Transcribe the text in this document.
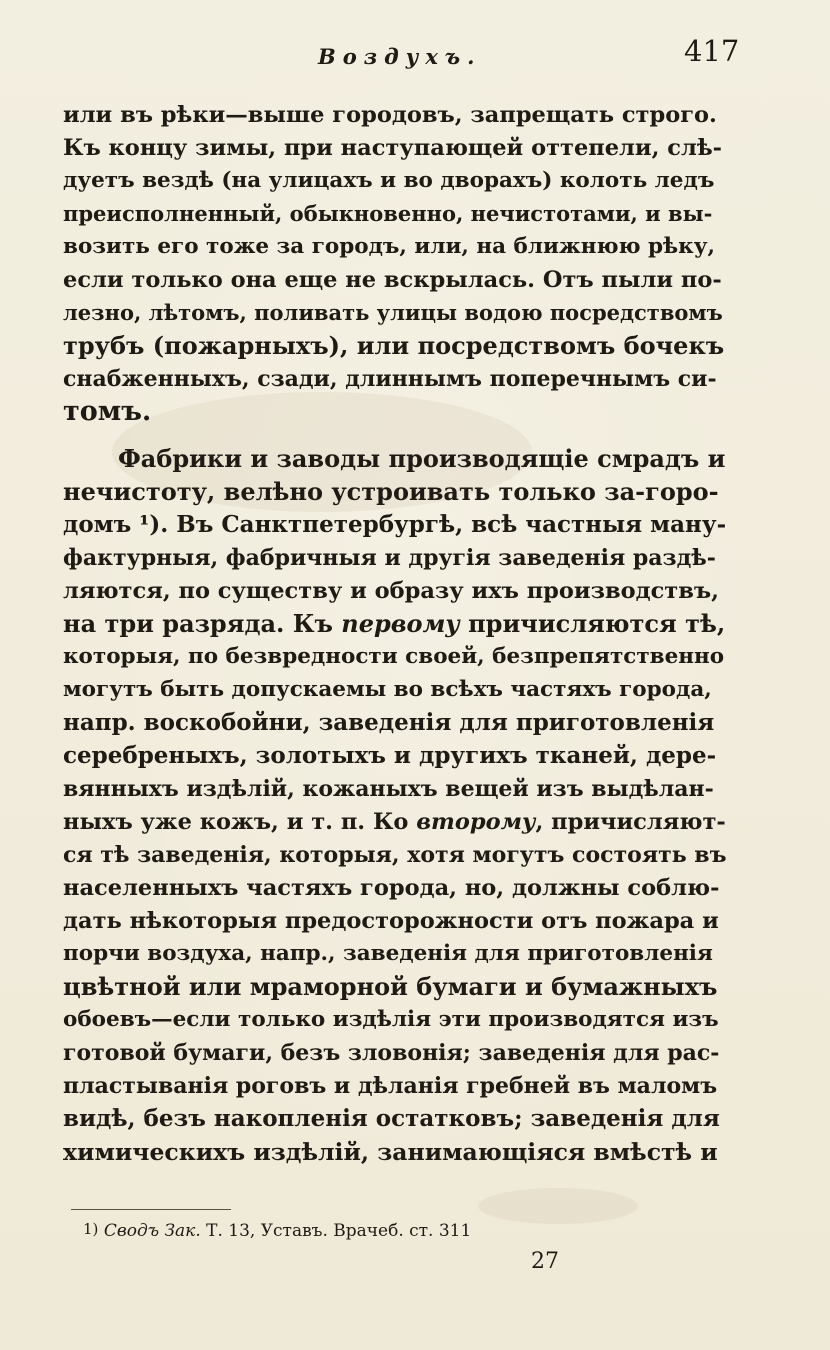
Воздухъ.	417
или въ рѣки—выше городовъ, запрещать строго.
Къ концу зимы, при наступающей оттепели, слѣ-
дуетъ вездѣ (на улицахъ и во дворахъ) колоть ледъ
преисполненный, обыкновенно, нечистотами, и вы-
возить его тоже за городъ, или, на ближнюю рѣку,
если только она еще не вскрылась. Отъ пыли по-
лезно, лѣтомъ, поливать улицы водою посредствомъ
трубъ (пожарныхъ), или посредствомъ бочекъ
снабженныхъ, сзади, длиннымъ поперечнымъ си-
томъ.
Фабрики и заводы производящіе смрадъ и
нечистоту, велѣно устроивать только за-горо-
домъ ¹). Въ Санктпетербургѣ, всѣ частныя ману-
фактурныя, фабричныя и другія заведенія раздѣ-
ляются, по существу и образу ихъ производствъ,
на три разряда. Къ первому причисляются тѣ,
которыя, по безвредности своей, безпрепятственно
могутъ быть допускаемы во всѣхъ частяхъ города,
напр. воскобойни, заведенія для приготовленія
серебреныхъ, золотыхъ и другихъ тканей, дере-
вянныхъ издѣлій, кожаныхъ вещей изъ выдѣлан-
ныхъ уже кожъ, и т. п. Ко второму, причисляют-
ся тѣ заведенія, которыя, хотя могутъ состоять въ
населенныхъ частяхъ города, но, должны соблю-
дать нѣкоторыя предосторожности отъ пожара и
порчи воздуха, напр., заведенія для приготовленія
цвѣтной или мраморной бумаги и бумажныхъ
обоевъ—если только издѣлія эти производятся изъ
готовой бумаги, безъ зловонія; заведенія для рас-
пластыванія роговъ и дѣланія гребней въ маломъ
видѣ, безъ накопленія остатковъ; заведенія для
химическихъ издѣлій, занимающіяся вмѣстѣ и
1) Сводъ Зак. Т. 13, Уставъ. Врачеб. ст. 311
27
